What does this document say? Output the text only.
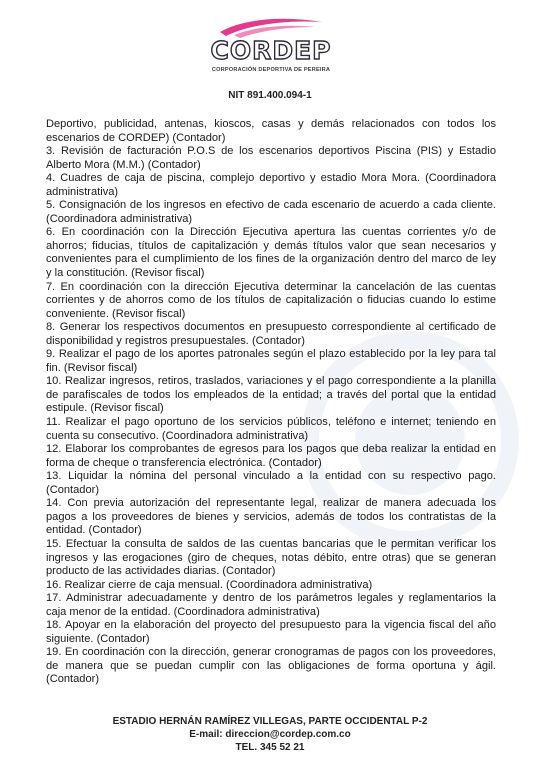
CORDEP
CORPORACIÓN DEPORTIVA DE PEREIRA
NIT 891.400.094-1

Deportivo, publicidad, antenas, kioscos, casas y demás relacionados con todos los escenarios de CORDEP) (Contador)

3. Revisión de facturación P.O.S de los escenarios deportivos Piscina (PIS) y Estadio Alberto Mora (M.M.) (Contador)

4. Cuadres de caja de piscina, complejo deportivo y estadio Mora Mora. (Coordinadora administrativa)

5. Consignación de los ingresos en efectivo de cada escenario de acuerdo a cada cliente. (Coordinadora administrativa)

6. En coordinación con la Dirección Ejecutiva apertura las cuentas corrientes y/o de ahorros; fiducias, títulos de capitalización y demás títulos valor que sean necesarios y convenientes para el cumplimiento de los fines de la organización dentro del marco de ley y la constitución. (Revisor fiscal)

7. En coordinación con la dirección Ejecutiva determinar la cancelación de las cuentas corrientes y de ahorros como de los títulos de capitalización o fiducias cuando lo estime conveniente. (Revisor fiscal)

8. Generar los respectivos documentos en presupuesto correspondiente al certificado de disponibilidad y registros presupuestales. (Contador)

9. Realizar el pago de los aportes patronales según el plazo establecido por la ley para tal fin. (Revisor fiscal)

10. Realizar ingresos, retiros, traslados, variaciones y el pago correspondiente a la planilla de parafiscales de todos los empleados de la entidad; a través del portal que la entidad estipule. (Revisor fiscal)

11. Realizar el pago oportuno de los servicios públicos, teléfono e internet; teniendo en cuenta su consecutivo. (Coordinadora administrativa)

12. Elaborar los comprobantes de egresos para los pagos que deba realizar la entidad en forma de cheque o transferencia electrónica. (Contador)

13. Liquidar la nómina del personal vinculado a la entidad con su respectivo pago. (Contador)

14. Con previa autorización del representante legal, realizar de manera adecuada los pagos a los proveedores de bienes y servicios, además de todos los contratistas de la entidad. (Contador)

15. Efectuar la consulta de saldos de las cuentas bancarias que le permitan verificar los ingresos y las erogaciones (giro de cheques, notas débito, entre otras) que se generan producto de las actividades diarias. (Contador)

16. Realizar cierre de caja mensual. (Coordinadora administrativa)

17. Administrar adecuadamente y dentro de los parámetros legales y reglamentarios la caja menor de la entidad. (Coordinadora administrativa)

18. Apoyar en la elaboración del proyecto del presupuesto para la vigencia fiscal del año siguiente. (Contador)

19. En coordinación con la dirección, generar cronogramas de pagos con los proveedores, de manera que se puedan cumplir con las obligaciones de forma oportuna y ágil. (Contador)

ESTADIO HERNÁN RAMÍREZ VILLEGAS, PARTE OCCIDENTAL P-2
E-mail: direccion@cordep.com.co
TEL. 345 52 21
